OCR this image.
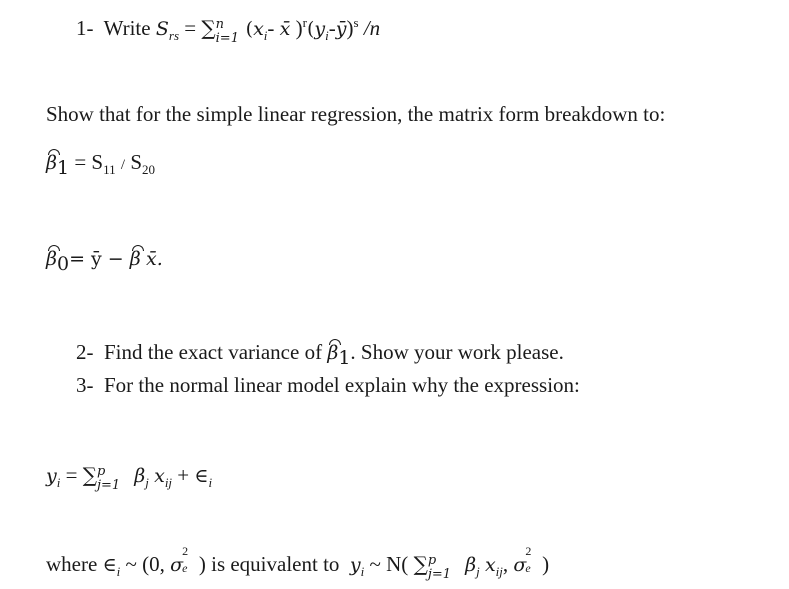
1- Write $S_{rs}$ = ∑ n
i=1 ($x_i-$ x̄ )$^r(y_i-ȳ)^s$ /n
Show that for the simple linear regression, the matrix form breakdown to:
$\beta_1 = S_{11} / S_{20}$
$\beta_0=$ ȳ − β x̄.
2- Find the exact variance of $\beta_1$. Show your work please.
3- For the normal linear model explain why the expression:
$y_i$ = ∑ p
j=1 $\beta_j$ $x_{ij}$ + $\in_i$
where $\in_i$ ~ (0, σ
2
e ) is equivalent to $y_i$ ~ N( ∑ p
j=1 $\beta_j$ $x_{ij}$, σ
2
e )
